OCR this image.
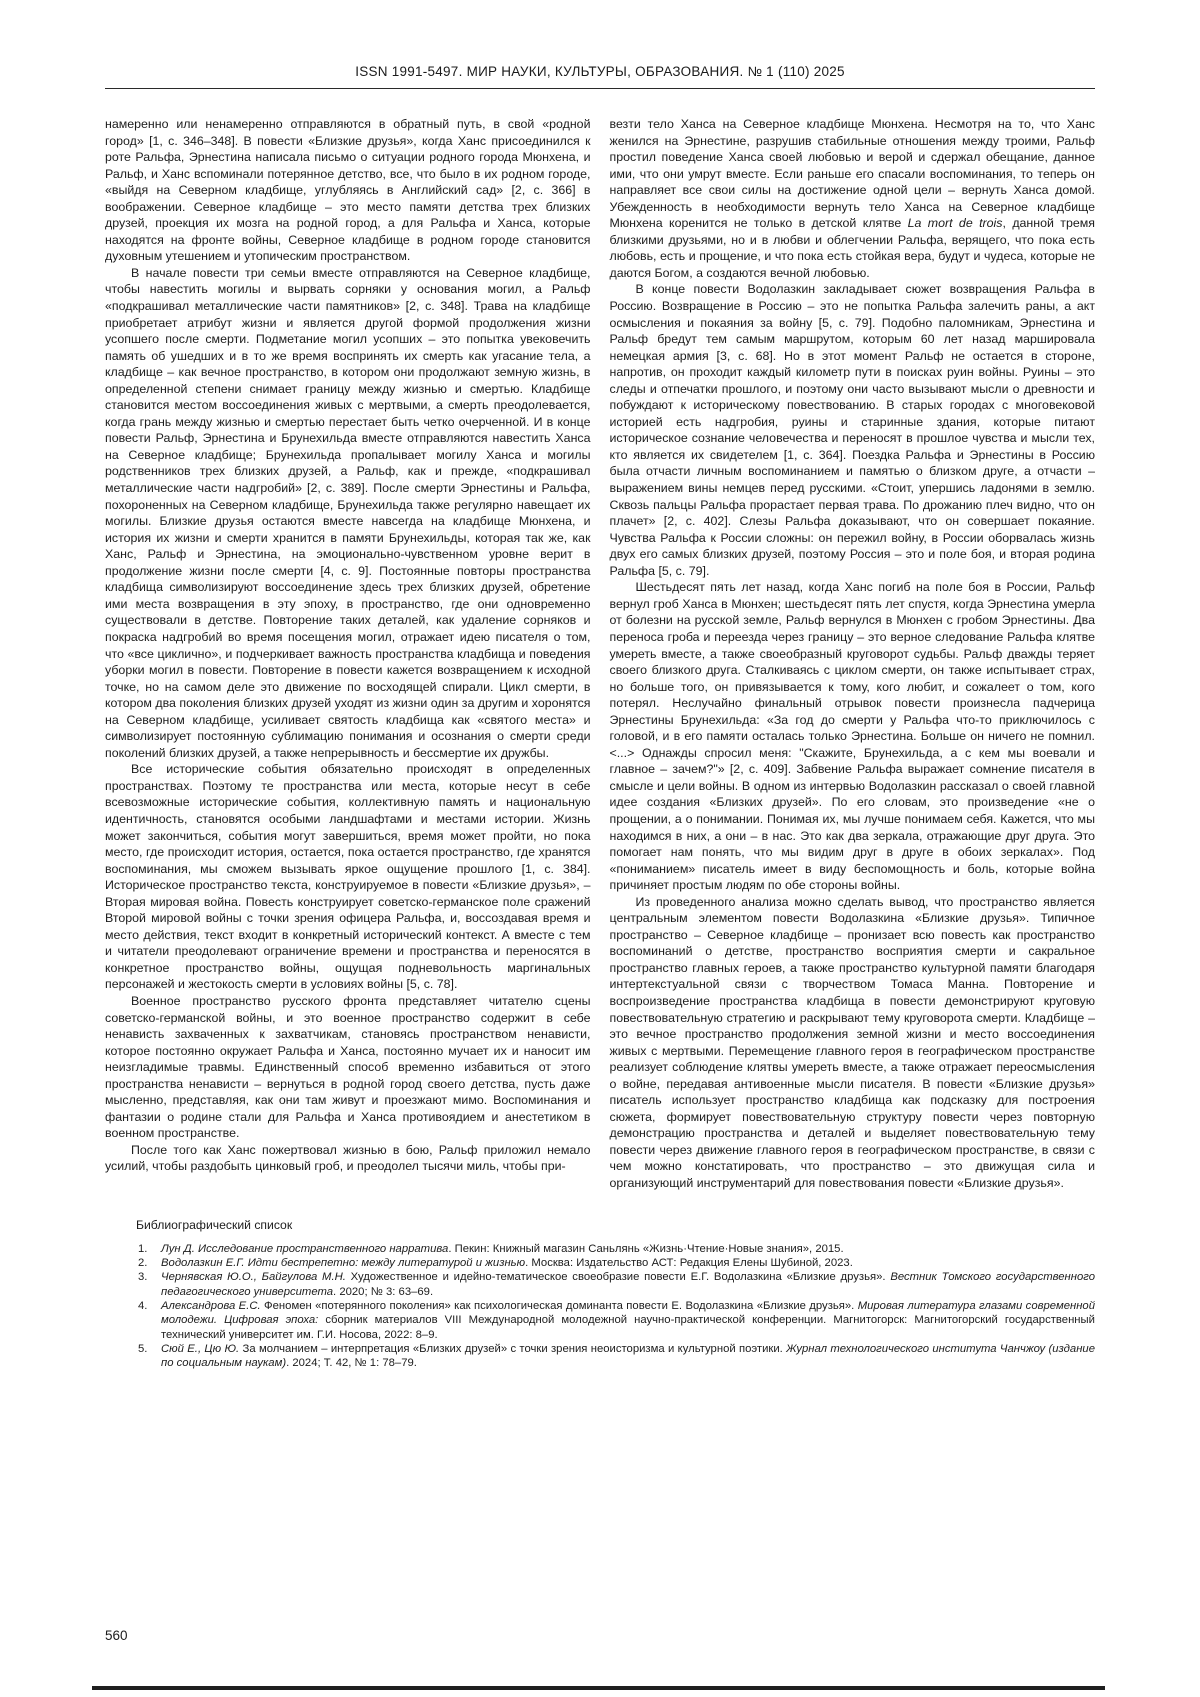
ISSN 1991-5497. МИР НАУКИ, КУЛЬТУРЫ, ОБРАЗОВАНИЯ. № 1 (110) 2025

намеренно или ненамеренно отправляются в обратный путь, в свой «родной город» [1, с. 346–348]. В повести «Близкие друзья», когда Ханс присоединился к роте Ральфа, Эрнестина написала письмо о ситуации родного города Мюнхена, и Ральф, и Ханс вспоминали потерянное детство, все, что было в их родном городе, «выйдя на Северном кладбище, углубляясь в Английский сад» [2, с. 366] в воображении. Северное кладбище – это место памяти детства трех близких друзей, проекция их мозга на родной город, а для Ральфа и Ханса, которые находятся на фронте войны, Северное кладбище в родном городе становится духовным утешением и утопическим пространством.

В начале повести три семьи вместе отправляются на Северное кладбище, чтобы навестить могилы и вырвать сорняки у основания могил, а Ральф «подкрашивал металлические части памятников» [2, с. 348]. Трава на кладбище приобретает атрибут жизни и является другой формой продолжения жизни усопшего после смерти. Подметание могил усопших – это попытка увековечить память об ушедших и в то же время воспринять их смерть как угасание тела, а кладбище – как вечное пространство, в котором они продолжают земную жизнь, в определенной степени снимает границу между жизнью и смертью. Кладбище становится местом воссоединения живых с мертвыми, а смерть преодолевается, когда грань между жизнью и смертью перестает быть четко очерченной. И в конце повести Ральф, Эрнестина и Брунехильда вместе отправляются навестить Ханса на Северное кладбище; Брунехильда пропалывает могилу Ханса и могилы родственников трех близких друзей, а Ральф, как и прежде, «подкрашивал металлические части надгробий» [2, с. 389]. После смерти Эрнестины и Ральфа, похороненных на Северном кладбище, Брунехильда также регулярно навещает их могилы. Близкие друзья остаются вместе навсегда на кладбище Мюнхена, и история их жизни и смерти хранится в памяти Брунехильды, которая так же, как Ханс, Ральф и Эрнестина, на эмоционально-чувственном уровне верит в продолжение жизни после смерти [4, с. 9]. Постоянные повторы пространства кладбища символизируют воссоединение здесь трех близких друзей, обретение ими места возвращения в эту эпоху, в пространство, где они одновременно существовали в детстве. Повторение таких деталей, как удаление сорняков и покраска надгробий во время посещения могил, отражает идею писателя о том, что «все циклично», и подчеркивает важность пространства кладбища и поведения уборки могил в повести. Повторение в повести кажется возвращением к исходной точке, но на самом деле это движение по восходящей спирали. Цикл смерти, в котором два поколения близких друзей уходят из жизни один за другим и хоронятся на Северном кладбище, усиливает святость кладбища как «святого места» и символизирует постоянную сублимацию понимания и осознания о смерти среди поколений близких друзей, а также непрерывность и бессмертие их дружбы.

Все исторические события обязательно происходят в определенных пространствах. Поэтому те пространства или места, которые несут в себе всевозможные исторические события, коллективную память и национальную идентичность, становятся особыми ландшафтами и местами истории. Жизнь может закончиться, события могут завершиться, время может пройти, но пока место, где происходит история, остается, пока остается пространство, где хранятся воспоминания, мы сможем вызывать яркое ощущение прошлого [1, с. 384]. Историческое пространство текста, конструируемое в повести «Близкие друзья», – Вторая мировая война. Повесть конструирует советско-германское поле сражений Второй мировой войны с точки зрения офицера Ральфа, и, воссоздавая время и место действия, текст входит в конкретный исторический контекст. А вместе с тем и читатели преодолевают ограничение времени и пространства и переносятся в конкретное пространство войны, ощущая подневольность маргинальных персонажей и жестокость смерти в условиях войны [5, с. 78].

Военное пространство русского фронта представляет читателю сцены советско-германской войны, и это военное пространство содержит в себе ненависть захваченных к захватчикам, становясь пространством ненависти, которое постоянно окружает Ральфа и Ханса, постоянно мучает их и наносит им неизгладимые травмы. Единственный способ временно избавиться от этого пространства ненависти – вернуться в родной город своего детства, пусть даже мысленно, представляя, как они там живут и проезжают мимо. Воспоминания и фантазии о родине стали для Ральфа и Ханса противоядием и анестетиком в военном пространстве.

После того как Ханс пожертвовал жизнью в бою, Ральф приложил немало усилий, чтобы раздобыть цинковый гроб, и преодолел тысячи миль, чтобы при-

везти тело Ханса на Северное кладбище Мюнхена. Несмотря на то, что Ханс женился на Эрнестине, разрушив стабильные отношения между троими, Ральф простил поведение Ханса своей любовью и верой и сдержал обещание, данное ими, что они умрут вместе. Если раньше его спасали воспоминания, то теперь он направляет все свои силы на достижение одной цели – вернуть Ханса домой. Убежденность в необходимости вернуть тело Ханса на Северное кладбище Мюнхена коренится не только в детской клятве La mort de trois, данной тремя близкими друзьями, но и в любви и облегчении Ральфа, верящего, что пока есть любовь, есть и прощение, и что пока есть стойкая вера, будут и чудеса, которые не даются Богом, а создаются вечной любовью.

В конце повести Водолазкин закладывает сюжет возвращения Ральфа в Россию. Возвращение в Россию – это не попытка Ральфа залечить раны, а акт осмысления и покаяния за войну [5, с. 79]. Подобно паломникам, Эрнестина и Ральф бредут тем самым маршрутом, которым 60 лет назад маршировала немецкая армия [3, с. 68]. Но в этот момент Ральф не остается в стороне, напротив, он проходит каждый километр пути в поисках руин войны. Руины – это следы и отпечатки прошлого, и поэтому они часто вызывают мысли о древности и побуждают к историческому повествованию. В старых городах с многовековой историей есть надгробия, руины и старинные здания, которые питают историческое сознание человечества и переносят в прошлое чувства и мысли тех, кто является их свидетелем [1, с. 364]. Поездка Ральфа и Эрнестины в Россию была отчасти личным воспоминанием и памятью о близком друге, а отчасти – выражением вины немцев перед русскими. «Стоит, упершись ладонями в землю. Сквозь пальцы Ральфа прорастает первая трава. По дрожанию плеч видно, что он плачет» [2, с. 402]. Слезы Ральфа доказывают, что он совершает покаяние. Чувства Ральфа к России сложны: он пережил войну, в России оборвалась жизнь двух его самых близких друзей, поэтому Россия – это и поле боя, и вторая родина Ральфа [5, с. 79].

Шестьдесят пять лет назад, когда Ханс погиб на поле боя в России, Ральф вернул гроб Ханса в Мюнхен; шестьдесят пять лет спустя, когда Эрнестина умерла от болезни на русской земле, Ральф вернулся в Мюнхен с гробом Эрнестины. Два переноса гроба и переезда через границу – это верное следование Ральфа клятве умереть вместе, а также своеобразный круговорот судьбы. Ральф дважды теряет своего близкого друга. Сталкиваясь с циклом смерти, он также испытывает страх, но больше того, он привязывается к тому, кого любит, и сожалеет о том, кого потерял. Неслучайно финальный отрывок повести произнесла падчерица Эрнестины Брунехильда: «За год до смерти у Ральфа что-то приключилось с головой, и в его памяти осталась только Эрнестина. Больше он ничего не помнил. <...> Однажды спросил меня: "Скажите, Брунехильда, а с кем мы воевали и главное – зачем?"» [2, с. 409]. Забвение Ральфа выражает сомнение писателя в смысле и цели войны. В одном из интервью Водолазкин рассказал о своей главной идее создания «Близких друзей». По его словам, это произведение «не о прощении, а о понимании. Понимая их, мы лучше понимаем себя. Кажется, что мы находимся в них, а они – в нас. Это как два зеркала, отражающие друг друга. Это помогает нам понять, что мы видим друг в друге в обоих зеркалах». Под «пониманием» писатель имеет в виду беспомощность и боль, которые война причиняет простым людям по обе стороны войны.

Из проведенного анализа можно сделать вывод, что пространство является центральным элементом повести Водолазкина «Близкие друзья». Типичное пространство – Северное кладбище – пронизает всю повесть как пространство воспоминаний о детстве, пространство восприятия смерти и сакральное пространство главных героев, а также пространство культурной памяти благодаря интертекстуальной связи с творчеством Томаса Манна. Повторение и воспроизведение пространства кладбища в повести демонстрируют круговую повествовательную стратегию и раскрывают тему круговорота смерти. Кладбище – это вечное пространство продолжения земной жизни и место воссоединения живых с мертвыми. Перемещение главного героя в географическом пространстве реализует соблюдение клятвы умереть вместе, а также отражает переосмысления о войне, передавая антивоенные мысли писателя. В повести «Близкие друзья» писатель использует пространство кладбища как подсказку для построения сюжета, формирует повествовательную структуру повести через повторную демонстрацию пространства и деталей и выделяет повествовательную тему повести через движение главного героя в географическом пространстве, в связи с чем можно констатировать, что пространство – это движущая сила и организующий инструментарий для повествования повести «Близкие друзья».

Библиографический список
1.	Лун Д. Исследование пространственного нарратива. Пекин: Книжный магазин Саньлянь «Жизнь·Чтение·Новые знания», 2015.
2.	Водолазкин Е.Г. Идти бестрепетно: между литературой и жизнью. Москва: Издательство АСТ: Редакция Елены Шубиной, 2023.
3.	Чернявская Ю.О., Байгулова М.Н. Художественное и идейно-тематическое своеобразие повести Е.Г. Водолазкина «Близкие друзья». Вестник Томского государственного педагогического университета. 2020; № 3: 63–69.
4.	Александрова Е.С. Феномен «потерянного поколения» как психологическая доминанта повести Е. Водолазкина «Близкие друзья». Мировая литература глазами современной молодежи. Цифровая эпоха: сборник материалов VIII Международной молодежной научно-практической конференции. Магнитогорск: Магнитогорский государственный технический университет им. Г.И. Носова, 2022: 8–9.
5.	Сюй Е., Цю Ю. За молчанием – интерпретация «Близких друзей» с точки зрения неоисторизма и культурной поэтики. Журнал технологического института Чанчжоу (издание по социальным наукам). 2024; Т. 42, № 1: 78–79.
560
